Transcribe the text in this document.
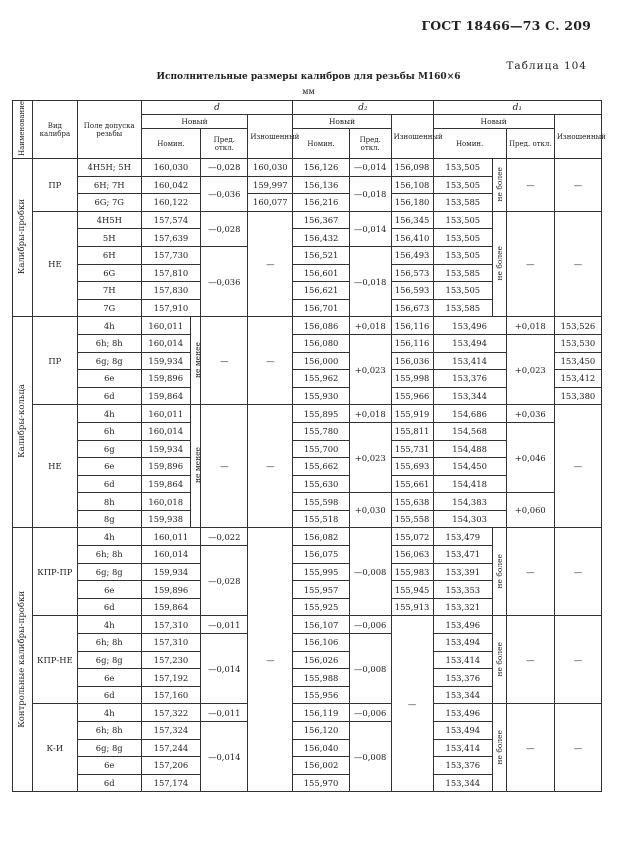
ГОСТ 18466—73 С. 209
Таблица 104
Исполнительные размеры калибров для резьбы М160×6
мм
Наименование	Вид калибра	Поле допуска резьбы	d				d₂			d₁			
			Новый			Изношенный	Новый		Изношенный	Новый			Изношенный
			Номин.		Пред. откл.		Номин.	Пред. откл.		Номин.		Пред. откл.	
Калибры-пробки	ПР	4H5H; 5H	160,030		—0,028	160,030	156,126	—0,014	156,098	153,505	не более	—	—
		6H; 7H	160,042		—0,036	159,997	156,136	—0,018	156,108	153,505			
		6G; 7G	160,122			160,077	156,216		156,180	153,585			
	НЕ	4H5H	157,574		—0,028	—	156,367	—0,014	156,345	153,505	не более	—	—
		5H	157,639				156,432		156,410	153,505			
		6H	157,730		—0,036		156,521	—0,018	156,493	153,505			
		6G	157,810				156,601		156,573	153,585			
		7H	157,830				156,621		156,593	153,505			
		7G	157,910				156,701		156,673	153,585			
Калибры-кольца	ПР	4h	160,011	не менее	—	—	156,086	+0,018	156,116	153,496		+0,018	153,526
		6h; 8h	160,014				156,080	+0,023	156,116	153,494		+0,023	153,530
		6g; 8g	159,934				156,000		156,036	153,414			153,450
		6e	159,896				155,962		155,998	153,376			153,412
		6d	159,864				155,930		155,966	153,344			153,380
	НЕ	4h	160,011	не менее	—	—	155,895	+0,018	155,919	154,686		+0,036	—
		6h	160,014				155,780	+0,023	155,811	154,568		+0,046	
		6g	159,934				155,700		155,731	154,488			
		6e	159,896				155,662		155,693	154,450			
		6d	159,864				155,630		155,661	154,418			
		8h	160,018				155,598	+0,030	155,638	154,383		+0,060	
		8g	159,938				155,518		155,558	154,303			
Контрольные калибры-пробки	КПР-ПР	4h	160,011		—0,022	—	156,082	—0,008	155,072	153,479	не более	—	—
		6h; 8h	160,014		—0,028		156,075		156,063	153,471			
		6g; 8g	159,934				155,995		155,983	153,391			
		6e	159,896				155,957		155,945	153,353			
		6d	159,864				155,925		155,913	153,321			
	КПР-НЕ	4h	157,310		—0,011		156,107	—0,006	—	153,496	не более	—	—
		6h; 8h	157,310		—0,014		156,106	—0,008		153,494			
		6g; 8g	157,230				156,026			153,414			
		6e	157,192				155,988			153,376			
		6d	157,160				155,956			153,344			
	К-И	4h	157,322		—0,011		156,119	—0,006		153,496	не более	—	—
		6h; 8h	157,324		—0,014		156,120	—0,008		153,494			
		6g; 8g	157,244				156,040			153,414			
		6e	157,206				156,002			153,376			
		6d	157,174				155,970			153,344			
